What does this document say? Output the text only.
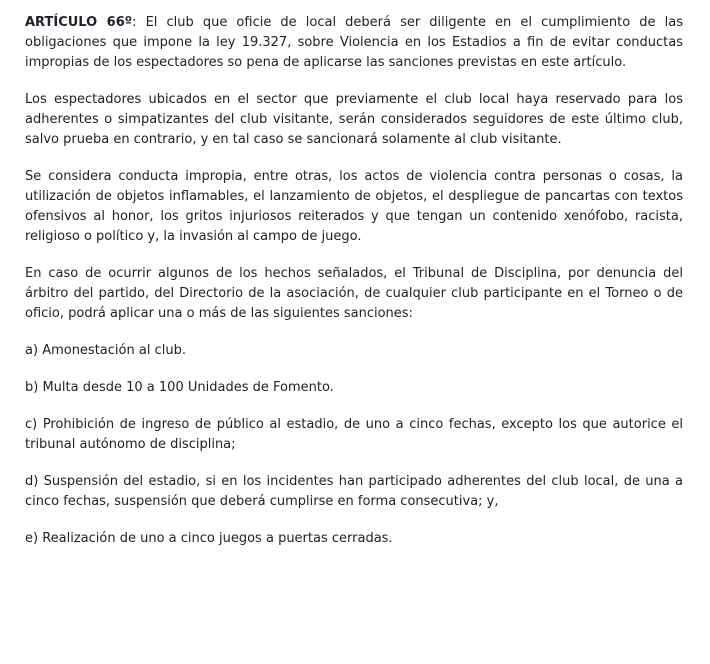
ARTÍCULO 66º: El club que oficie de local deberá ser diligente en el cumplimiento de las obligaciones que impone la ley 19.327, sobre Violencia en los Estadios a fin de evitar conductas impropias de los espectadores so pena de aplicarse las sanciones previstas en este artículo.

Los espectadores ubicados en el sector que previamente el club local haya reservado para los adherentes o simpatizantes del club visitante, serán considerados seguidores de este último club, salvo prueba en contrario, y en tal caso se sancionará solamente al club visitante.

Se considera conducta impropia, entre otras, los actos de violencia contra personas o cosas, la utilización de objetos inflamables, el lanzamiento de objetos, el despliegue de pancartas con textos ofensivos al honor, los gritos injuriosos reiterados y que tengan un contenido xenófobo, racista, religioso o político y, la invasión al campo de juego.

En caso de ocurrir algunos de los hechos señalados, el Tribunal de Disciplina, por denuncia del árbitro del partido, del Directorio de la asociación, de cualquier club participante en el Torneo o de oficio, podrá aplicar una o más de las siguientes sanciones:

a) Amonestación al club.

b) Multa desde 10 a 100 Unidades de Fomento.

c) Prohibición de ingreso de público al estadio, de uno a cinco fechas, excepto los que autorice el tribunal autónomo de disciplina;

d) Suspensión del estadio, si en los incidentes han participado adherentes del club local, de una a cinco fechas, suspensión que deberá cumplirse en forma consecutiva; y,

e) Realización de uno a cinco juegos a puertas cerradas.
